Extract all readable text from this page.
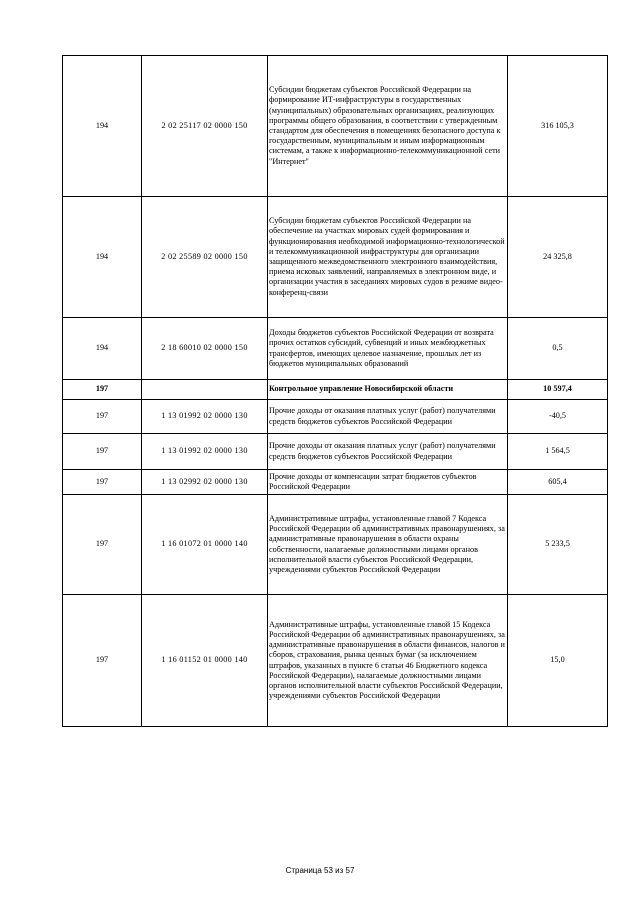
194	2 02 25117 02 0000 150	Субсидии бюджетам субъектов Российской Федерации на формирование ИТ-инфраструктуры в государственных (муниципальных) образовательных организациях, реализующих программы общего образования, в соответствии с утвержденным стандартом для обеспечения в помещениях безопасного доступа к государственным, муниципальным и иным информационным системам, а также к информационно-телекоммуникационной сети "Интернет"	316 105,3
194	2 02 25589 02 0000 150	Субсидии бюджетам субъектов Российской Федерации на обеспечение на участках мировых судей формирования и функционирования необходимой информационно-технологической и телекоммуникационной инфраструктуры для организации защищенного межведомственного электронного взаимодействия, приема исковых заявлений, направляемых в электронном виде, и организации участия в заседаниях мировых судов в режиме видео-конференц-связи	24 325,8
194	2 18 60010 02 0000 150	Доходы бюджетов субъектов Российской Федерации от возврата прочих остатков субсидий, субвенций и иных межбюджетных трансфертов, имеющих целевое назначение, прошлых лет из бюджетов муниципальных образований	0,5
197		Контрольное управление Новосибирской области	10 597,4
197	1 13 01992 02 0000 130	Прочие доходы от оказания платных услуг (работ) получателями средств бюджетов субъектов Российской Федерации	-40,5
197	1 13 01992 02 0000 130	Прочие доходы от оказания платных услуг (работ) получателями средств бюджетов субъектов Российской Федерации	1 564,5
197	1 13 02992 02 0000 130	Прочие доходы от компенсации затрат бюджетов субъектов Российской Федерации	605,4
197	1 16 01072 01 0000 140	Административные штрафы, установленные главой 7 Кодекса Российской Федерации об административных правонарушениях, за административные правонарушения в области охраны собственности, налагаемые должностными лицами органов исполнительной власти субъектов Российской Федерации, учреждениями субъектов Российской Федерации	5 233,5
197	1 16 01152 01 0000 140	Административные штрафы, установленные главой 15 Кодекса Российской Федерации об административных правонарушениях, за административные правонарушения в области финансов, налогов и сборов, страхования, рынка ценных бумаг (за исключением штрафов, указанных в пункте 6 статьи 46 Бюджетного кодекса Российской Федерации), налагаемые должностными лицами органов исполнительной власти субъектов Российской Федерации, учреждениями субъектов Российской Федерации	15,0
Страница 53 из 57
